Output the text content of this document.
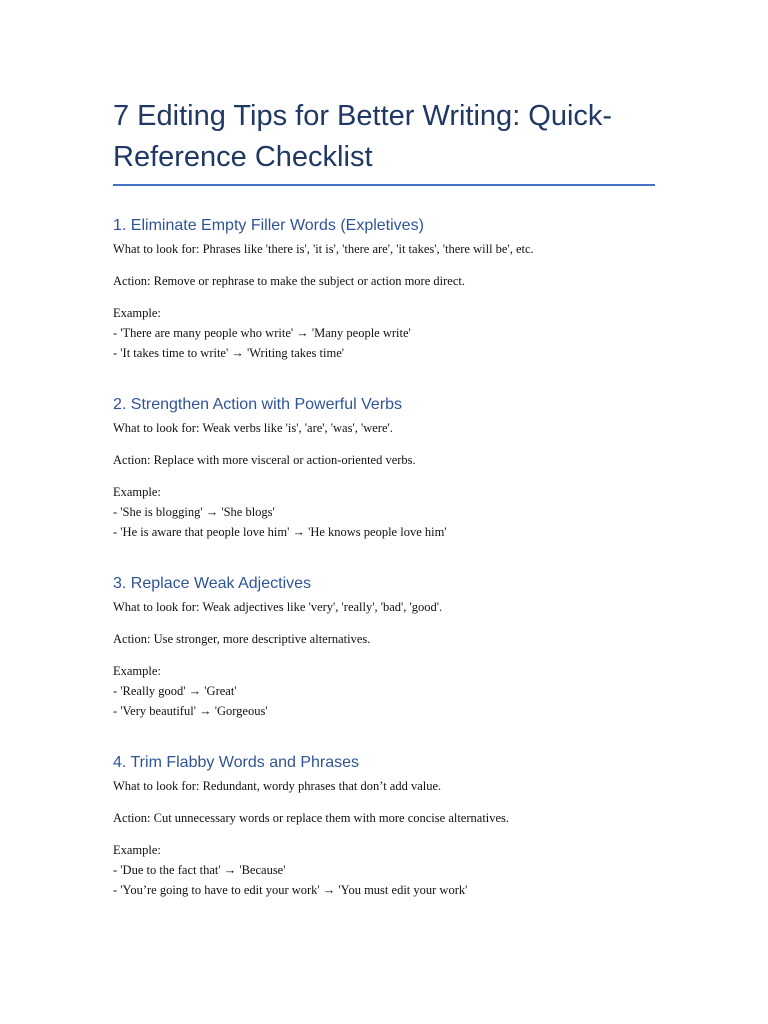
7 Editing Tips for Better Writing: Quick-
Reference Checklist
1. Eliminate Empty Filler Words (Expletives)

What to look for: Phrases like 'there is', 'it is', 'there are', 'it takes', 'there will be', etc.

Action: Remove or rephrase to make the subject or action more direct.

Example:

- 'There are many people who write' → 'Many people write'

- 'It takes time to write' → 'Writing takes time'

2. Strengthen Action with Powerful Verbs

What to look for: Weak verbs like 'is', 'are', 'was', 'were'.

Action: Replace with more visceral or action-oriented verbs.

Example:

- 'She is blogging' → 'She blogs'

- 'He is aware that people love him' → 'He knows people love him'

3. Replace Weak Adjectives

What to look for: Weak adjectives like 'very', 'really', 'bad', 'good'.

Action: Use stronger, more descriptive alternatives.

Example:

- 'Really good' → 'Great'

- 'Very beautiful' → 'Gorgeous'

4. Trim Flabby Words and Phrases

What to look for: Redundant, wordy phrases that don’t add value.

Action: Cut unnecessary words or replace them with more concise alternatives.

Example:

- 'Due to the fact that' → 'Because'

- 'You’re going to have to edit your work' → 'You must edit your work'
